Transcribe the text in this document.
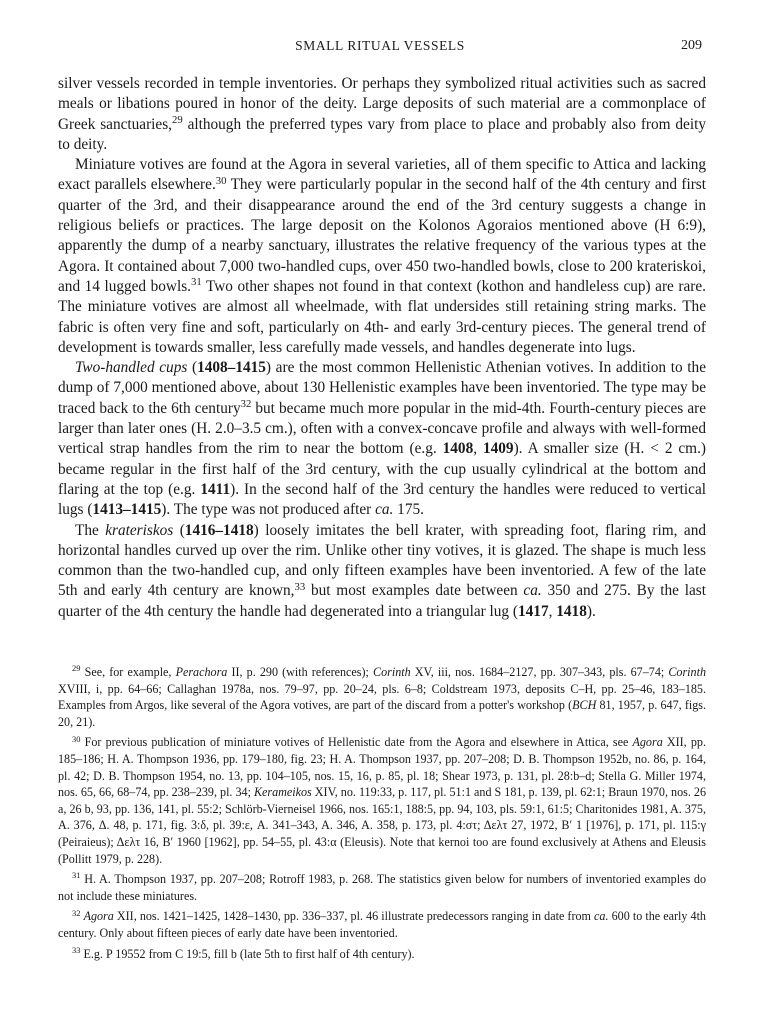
SMALL RITUAL VESSELS	209

silver vessels recorded in temple inventories. Or perhaps they symbolized ritual activities such as sacred meals or libations poured in honor of the deity. Large deposits of such material are a commonplace of Greek sanctuaries,$^{29}$ although the preferred types vary from place to place and probably also from deity to deity.

Miniature votives are found at the Agora in several varieties, all of them specific to Attica and lacking exact parallels elsewhere.$^{30}$ They were particularly popular in the second half of the 4th century and first quarter of the 3rd, and their disappearance around the end of the 3rd century suggests a change in religious beliefs or practices. The large deposit on the Kolonos Agoraios mentioned above (H 6:9), apparently the dump of a nearby sanctuary, illustrates the relative frequency of the various types at the Agora. It contained about 7,000 two-handled cups, over 450 two-handled bowls, close to 200 krateriskoi, and 14 lugged bowls.$^{31}$ Two other shapes not found in that context (kothon and handleless cup) are rare. The miniature votives are almost all wheelmade, with flat undersides still retaining string marks. The fabric is often very fine and soft, particularly on 4th- and early 3rd-century pieces. The general trend of development is towards smaller, less carefully made vessels, and handles degenerate into lugs.

Two-handled cups (1408–1415) are the most common Hellenistic Athenian votives. In addition to the dump of 7,000 mentioned above, about 130 Hellenistic examples have been inventoried. The type may be traced back to the 6th century$^{32}$ but became much more popular in the mid-4th. Fourth-century pieces are larger than later ones (H. 2.0–3.5 cm.), often with a convex-concave profile and always with well-formed vertical strap handles from the rim to near the bottom (e.g. 1408, 1409). A smaller size (H. < 2 cm.) became regular in the first half of the 3rd century, with the cup usually cylindrical at the bottom and flaring at the top (e.g. 1411). In the second half of the 3rd century the handles were reduced to vertical lugs (1413–1415). The type was not produced after ca. 175.

The krateriskos (1416–1418) loosely imitates the bell krater, with spreading foot, flaring rim, and horizontal handles curved up over the rim. Unlike other tiny votives, it is glazed. The shape is much less common than the two-handled cup, and only fifteen examples have been inventoried. A few of the late 5th and early 4th century are known,$^{33}$ but most examples date between ca. 350 and 275. By the last quarter of the 4th century the handle had degenerated into a triangular lug (1417, 1418).

$^{29}$ See, for example, Perachora II, p. 290 (with references); Corinth XV, iii, nos. 1684–2127, pp. 307–343, pls. 67–74; Corinth XVIII, i, pp. 64–66; Callaghan 1978a, nos. 79–97, pp. 20–24, pls. 6–8; Coldstream 1973, deposits C–H, pp. 25–46, 183–185. Examples from Argos, like several of the Agora votives, are part of the discard from a potter's workshop (BCH 81, 1957, p. 647, figs. 20, 21).

$^{30}$ For previous publication of miniature votives of Hellenistic date from the Agora and elsewhere in Attica, see Agora XII, pp. 185–186; H. A. Thompson 1936, pp. 179–180, fig. 23; H. A. Thompson 1937, pp. 207–208; D. B. Thompson 1952b, no. 86, p. 164, pl. 42; D. B. Thompson 1954, no. 13, pp. 104–105, nos. 15, 16, p. 85, pl. 18; Shear 1973, p. 131, pl. 28:b–d; Stella G. Miller 1974, nos. 65, 66, 68–74, pp. 238–239, pl. 34; Kerameikos XIV, no. 119:33, p. 117, pl. 51:1 and S 181, p. 139, pl. 62:1; Braun 1970, nos. 26 a, 26 b, 93, pp. 136, 141, pl. 55:2; Schlörb-Vierneisel 1966, nos. 165:1, 188:5, pp. 94, 103, pls. 59:1, 61:5; Charitonides 1981, A. 375, A. 376, Δ. 48, p. 171, fig. 3:δ, pl. 39:ε, A. 341–343, A. 346, A. 358, p. 173, pl. 4:στ; Δελτ 27, 1972, B′ 1 [1976], p. 171, pl. 115:γ (Peiraieus); Δελτ 16, B′ 1960 [1962], pp. 54–55, pl. 43:α (Eleusis). Note that kernoi too are found exclusively at Athens and Eleusis (Pollitt 1979, p. 228).

$^{31}$ H. A. Thompson 1937, pp. 207–208; Rotroff 1983, p. 268. The statistics given below for numbers of inventoried examples do not include these miniatures.

$^{32}$ Agora XII, nos. 1421–1425, 1428–1430, pp. 336–337, pl. 46 illustrate predecessors ranging in date from ca. 600 to the early 4th century. Only about fifteen pieces of early date have been inventoried.

$^{33}$ E.g. P 19552 from C 19:5, fill b (late 5th to first half of 4th century).
